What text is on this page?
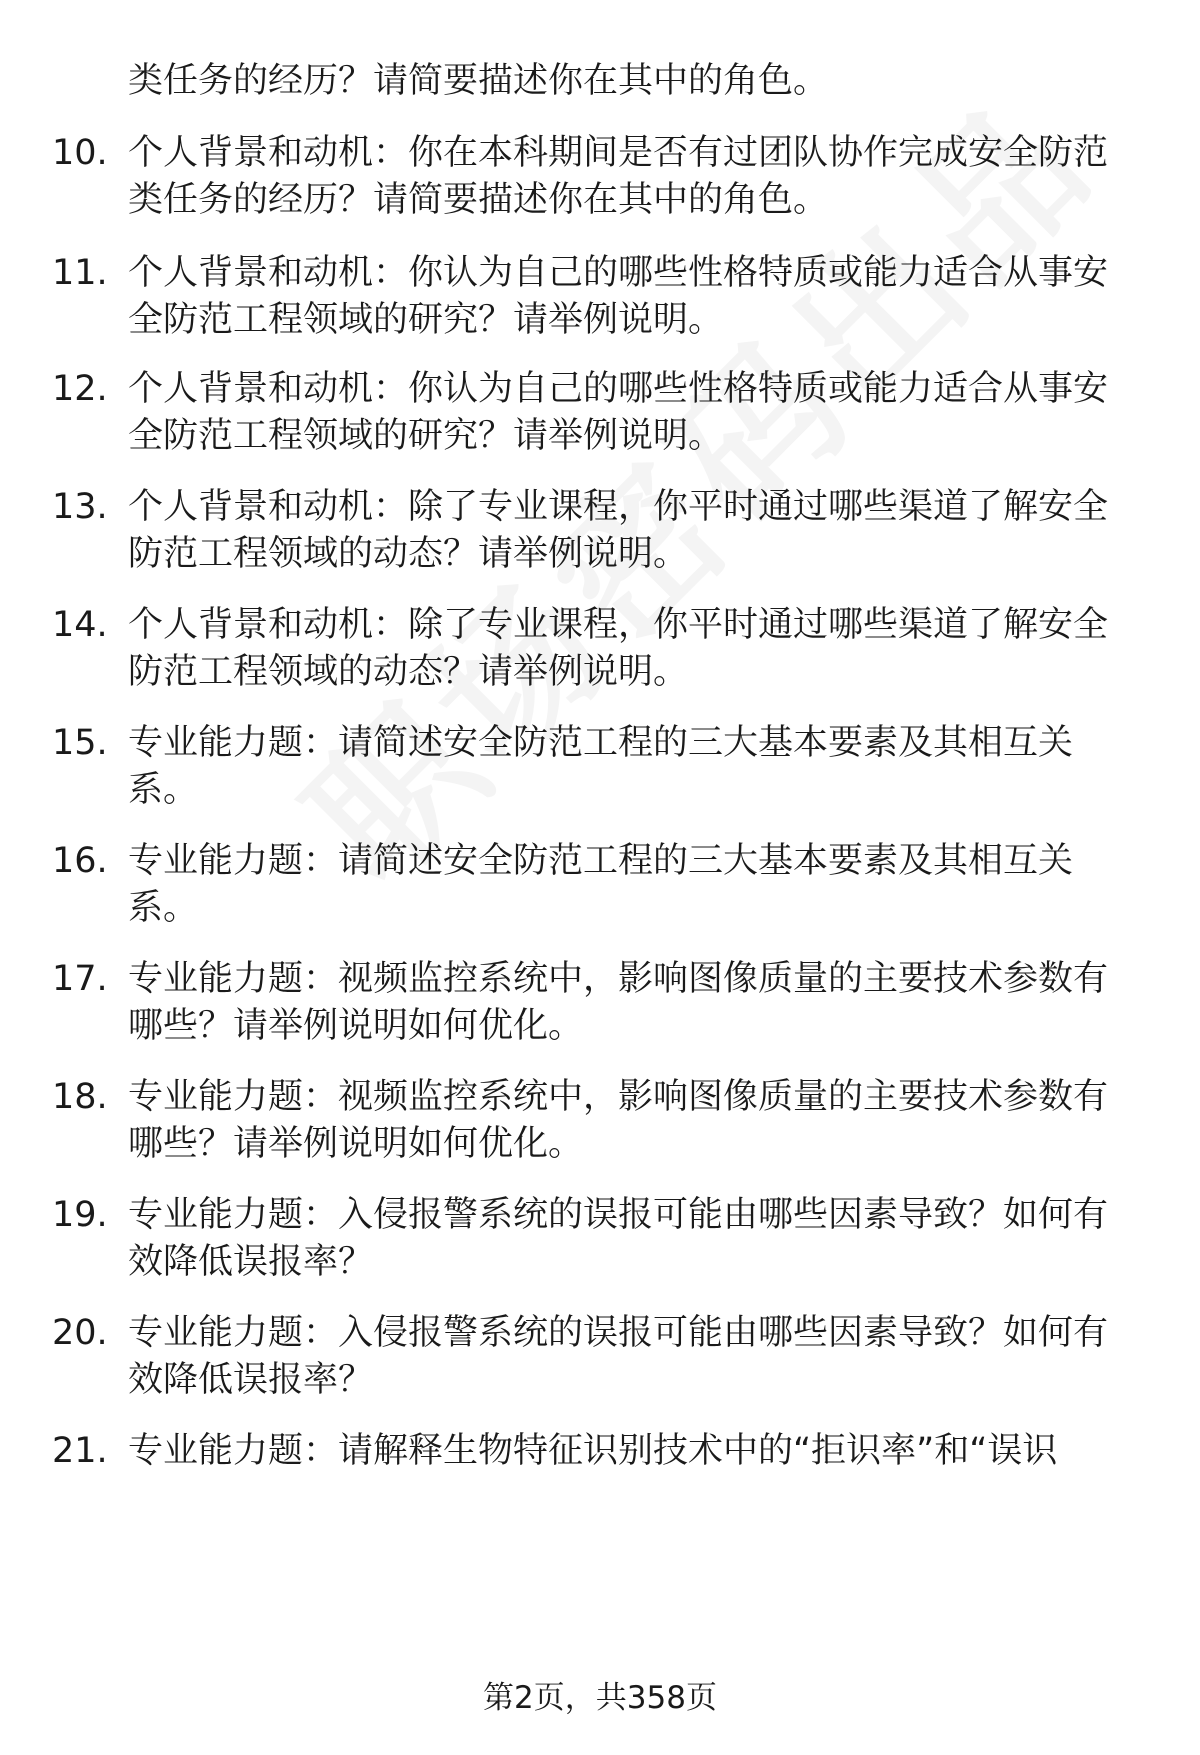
类任务的经历？请简要描述你在其中的角色。
10. 个人背景和动机：你在本科期间是否有过团队协作完成安全防范类任务的经历？请简要描述你在其中的角色。
11. 个人背景和动机：你认为自己的哪些性格特质或能力适合从事安全防范工程领域的研究？请举例说明。
12. 个人背景和动机：你认为自己的哪些性格特质或能力适合从事安全防范工程领域的研究？请举例说明。
13. 个人背景和动机：除了专业课程，你平时通过哪些渠道了解安全防范工程领域的动态？请举例说明。
14. 个人背景和动机：除了专业课程，你平时通过哪些渠道了解安全防范工程领域的动态？请举例说明。
15. 专业能力题：请简述安全防范工程的三大基本要素及其相互关系。
16. 专业能力题：请简述安全防范工程的三大基本要素及其相互关系。
17. 专业能力题：视频监控系统中，影响图像质量的主要技术参数有哪些？请举例说明如何优化。
18. 专业能力题：视频监控系统中，影响图像质量的主要技术参数有哪些？请举例说明如何优化。
19. 专业能力题：入侵报警系统的误报可能由哪些因素导致？如何有效降低误报率？
20. 专业能力题：入侵报警系统的误报可能由哪些因素导致？如何有效降低误报率？
21. 专业能力题：请解释生物特征识别技术中的“拒识率”和“误识
第2页，共358页
